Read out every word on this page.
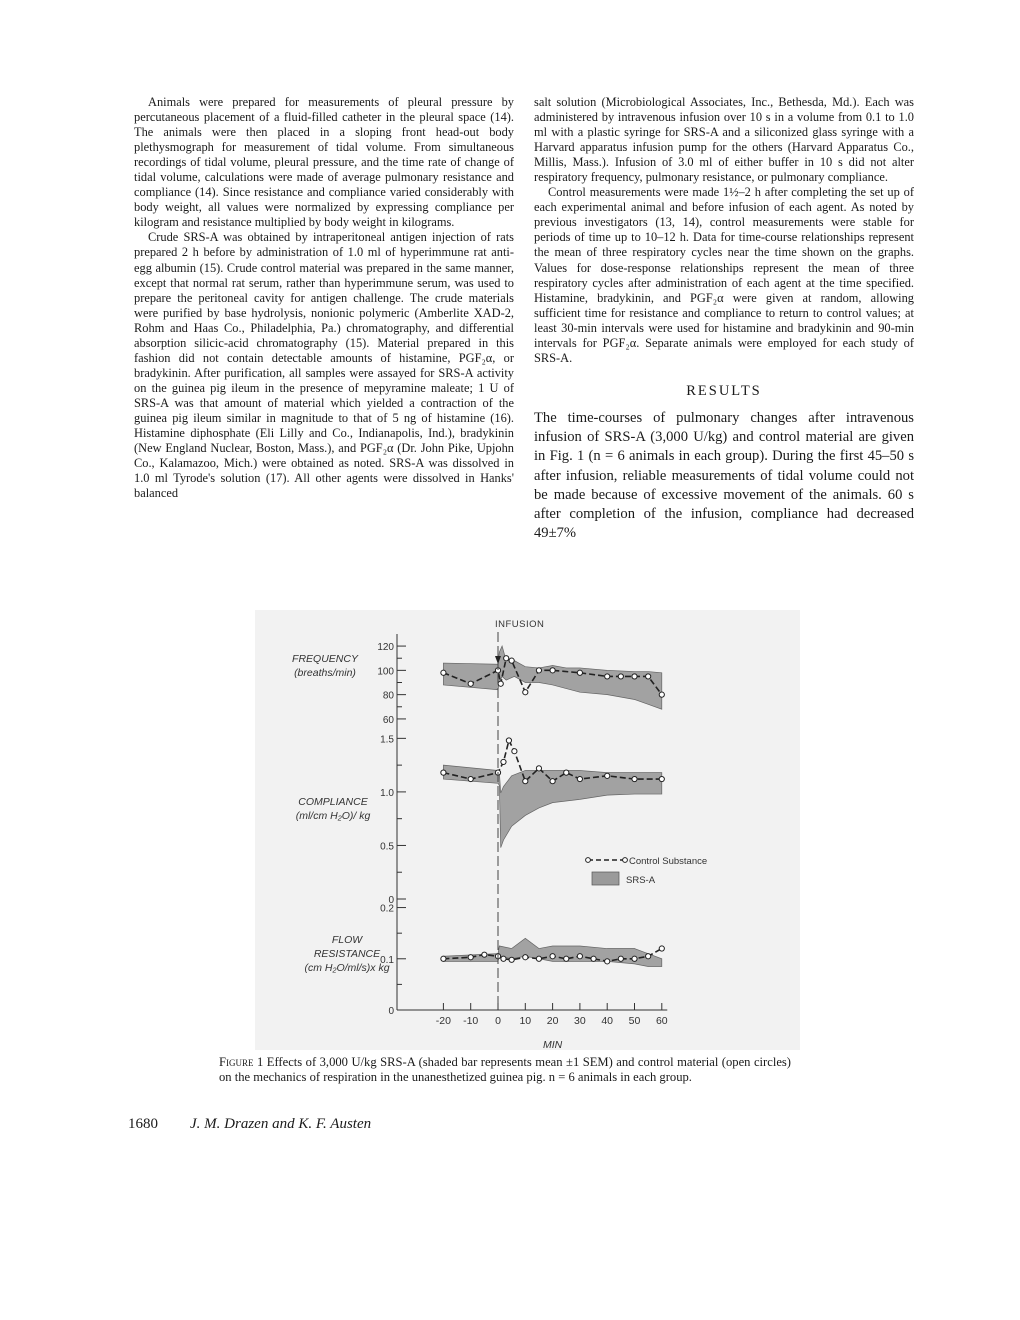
Animals were prepared for measurements of pleural pressure by percutaneous placement of a fluid-filled catheter in the pleural space (14). The animals were then placed in a sloping front head-out body plethysmograph for measurement of tidal volume. From simultaneous recordings of tidal volume, pleural pressure, and the time rate of change of tidal volume, calculations were made of average pulmonary resistance and compliance (14). Since resistance and compliance varied considerably with body weight, all values were normalized by expressing compliance per kilogram and resistance multiplied by body weight in kilograms.

Crude SRS-A was obtained by intraperitoneal antigen injection of rats prepared 2 h before by administration of 1.0 ml of hyperimmune rat anti-egg albumin (15). Crude control material was prepared in the same manner, except that normal rat serum, rather than hyperimmune serum, was used to prepare the peritoneal cavity for antigen challenge. The crude materials were purified by base hydrolysis, nonionic polymeric (Amberlite XAD-2, Rohm and Haas Co., Philadelphia, Pa.) chromatography, and differential absorption silicic-acid chromatography (15). Material prepared in this fashion did not contain detectable amounts of histamine, PGF₂α, or bradykinin. After purification, all samples were assayed for SRS-A activity on the guinea pig ileum in the presence of mepyramine maleate; 1 U of SRS-A was that amount of material which yielded a contraction of the guinea pig ileum similar in magnitude to that of 5 ng of histamine (16). Histamine diphosphate (Eli Lilly and Co., Indianapolis, Ind.), bradykinin (New England Nuclear, Boston, Mass.), and PGF₂α (Dr. John Pike, Upjohn Co., Kalamazoo, Mich.) were obtained as noted. SRS-A was dissolved in 1.0 ml Tyrode's solution (17). All other agents were dissolved in Hanks' balanced

salt solution (Microbiological Associates, Inc., Bethesda, Md.). Each was administered by intravenous infusion over 10 s in a volume from 0.1 to 1.0 ml with a plastic syringe for SRS-A and a siliconized glass syringe with a Harvard apparatus infusion pump for the others (Harvard Apparatus Co., Millis, Mass.). Infusion of 3.0 ml of either buffer in 10 s did not alter respiratory frequency, pulmonary resistance, or pulmonary compliance.

Control measurements were made 1½–2 h after completing the set up of each experimental animal and before infusion of each agent. As noted by previous investigators (13, 14), control measurements were stable for periods of time up to 10–12 h. Data for time-course relationships represent the mean of three respiratory cycles near the time shown on the graphs. Values for dose-response relationships represent the mean of three respiratory cycles after administration of each agent at the time specified. Histamine, bradykinin, and PGF₂α were given at random, allowing sufficient time for resistance and compliance to return to control values; at least 30-min intervals were used for histamine and bradykinin and 90-min intervals for PGF₂α. Separate animals were employed for each study of SRS-A.

RESULTS

The time-courses of pulmonary changes after intravenous infusion of SRS-A (3,000 U/kg) and control material are given in Fig. 1 (n = 6 animals in each group). During the first 45–50 s after infusion, reliable measurements of tidal volume could not be made because of excessive movement of the animals. 60 s after completion of the infusion, compliance had decreased 49±7%

120
100
80
60
FREQUENCY
(breaths/min)
1.5
1.0
0.5
0
COMPLIANCE
(ml/cm H₂O)/ kg
0.2
0.1
0
FLOW
RESISTANCE
(cm H₂O/ml/s)x kg
INFUSION
-20 -10 0 10 20 30 40 50 60
MIN
Control Substance
SRS-A
Figure 1 Effects of 3,000 U/kg SRS-A (shaded bar represents mean ±1 SEM) and control material (open circles) on the mechanics of respiration in the unanesthetized guinea pig. n = 6 animals in each group.
1680 J. M. Drazen and K. F. Austen
